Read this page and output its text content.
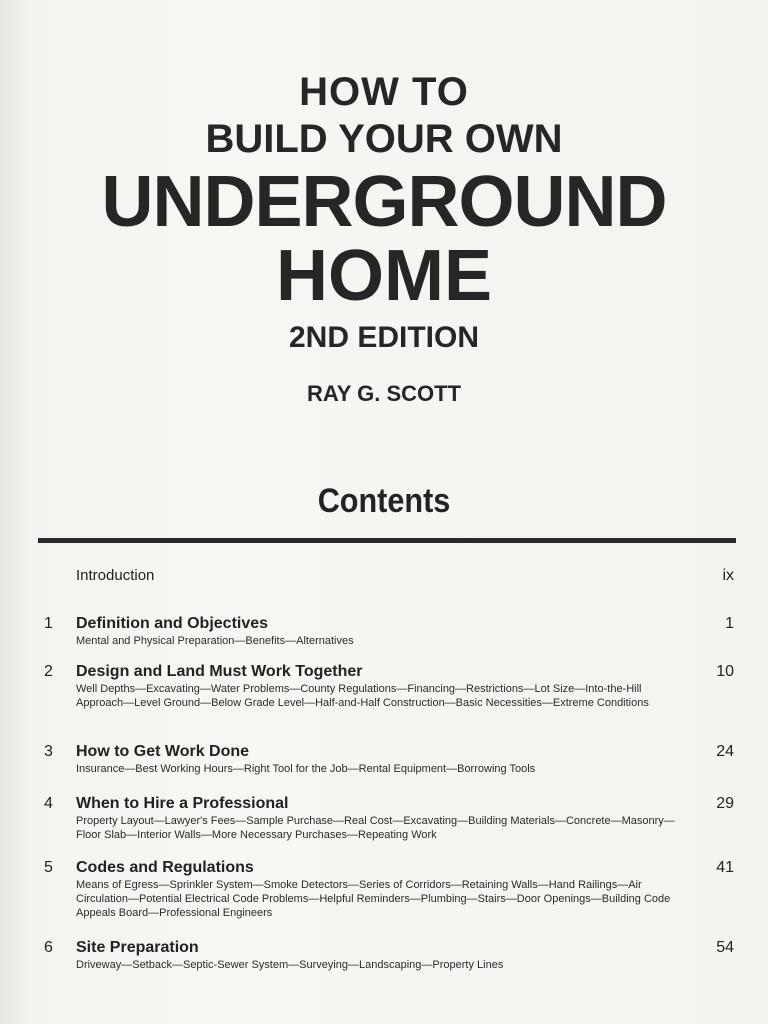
HOW TO
BUILD YOUR OWN
UNDERGROUND
HOME
2ND EDITION
RAY G. SCOTT
Contents
Introduction	ix
1	Definition and Objectives	1
Mental and Physical Preparation—Benefits—Alternatives
2	Design and Land Must Work Together	10
Well Depths—Excavating—Water Problems—County Regulations—Financing—Restrictions—Lot Size—Into-the-Hill Approach—Level Ground—Below Grade Level—Half-and-Half Construction—Basic Necessities—Extreme Conditions
3	How to Get Work Done	24
Insurance—Best Working Hours—Right Tool for the Job—Rental Equipment—Borrowing Tools
4	When to Hire a Professional	29
Property Layout—Lawyer's Fees—Sample Purchase—Real Cost—Excavating—Building Materials—Concrete—Masonry—Floor Slab—Interior Walls—More Necessary Purchases—Repeating Work
5	Codes and Regulations	41
Means of Egress—Sprinkler System—Smoke Detectors—Series of Corridors—Retaining Walls—Hand Railings—Air Circulation—Potential Electrical Code Problems—Helpful Reminders—Plumbing—Stairs—Door Openings—Building Code Appeals Board—Professional Engineers
6	Site Preparation	54
Driveway—Setback—Septic-Sewer System—Surveying—Landscaping—Property Lines
